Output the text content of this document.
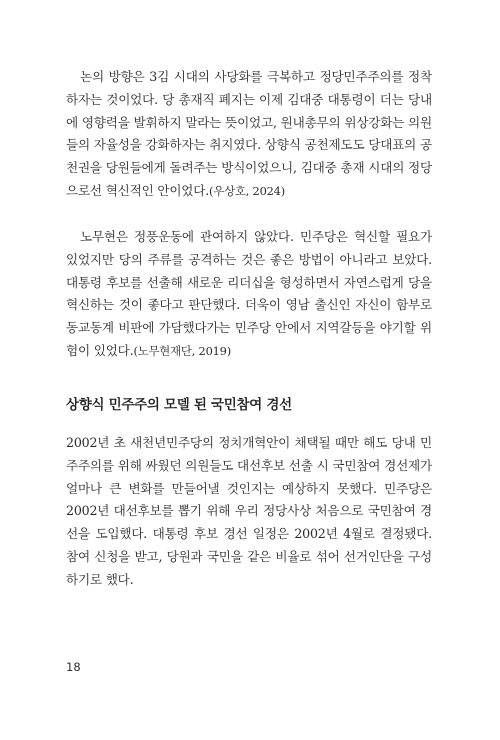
논의 방향은 3김 시대의 사당화를 극복하고 정당민주주의를 정착하자는 것이었다. 당 총재직 폐지는 이제 김대중 대통령이 더는 당내에 영향력을 발휘하지 말라는 뜻이었고, 원내총무의 위상강화는 의원들의 자율성을 강화하자는 취지였다. 상향식 공천제도도 당대표의 공천권을 당원들에게 돌려주는 방식이었으니, 김대중 총재 시대의 정당으로선 혁신적인 안이었다.(우상호, 2024)

노무현은 정풍운동에 관여하지 않았다. 민주당은 혁신할 필요가 있었지만 당의 주류를 공격하는 것은 좋은 방법이 아니라고 보았다. 대통령 후보를 선출해 새로운 리더십을 형성하면서 자연스럽게 당을 혁신하는 것이 좋다고 판단했다. 더욱이 영남 출신인 자신이 함부로 동교동계 비판에 가담했다가는 민주당 안에서 지역갈등을 야기할 위험이 있었다.(노무현재단, 2019)

상향식 민주주의 모델 된 국민참여 경선

2002년 초 새천년민주당의 정치개혁안이 채택될 때만 해도 당내 민주주의를 위해 싸웠던 의원들도 대선후보 선출 시 국민참여 경선제가 얼마나 큰 변화를 만들어낼 것인지는 예상하지 못했다. 민주당은 2002년 대선후보를 뽑기 위해 우리 정당사상 처음으로 국민참여 경선을 도입했다. 대통령 후보 경선 일정은 2002년 4월로 결정됐다. 참여 신청을 받고, 당원과 국민을 같은 비율로 섞어 선거인단을 구성하기로 했다.

18
